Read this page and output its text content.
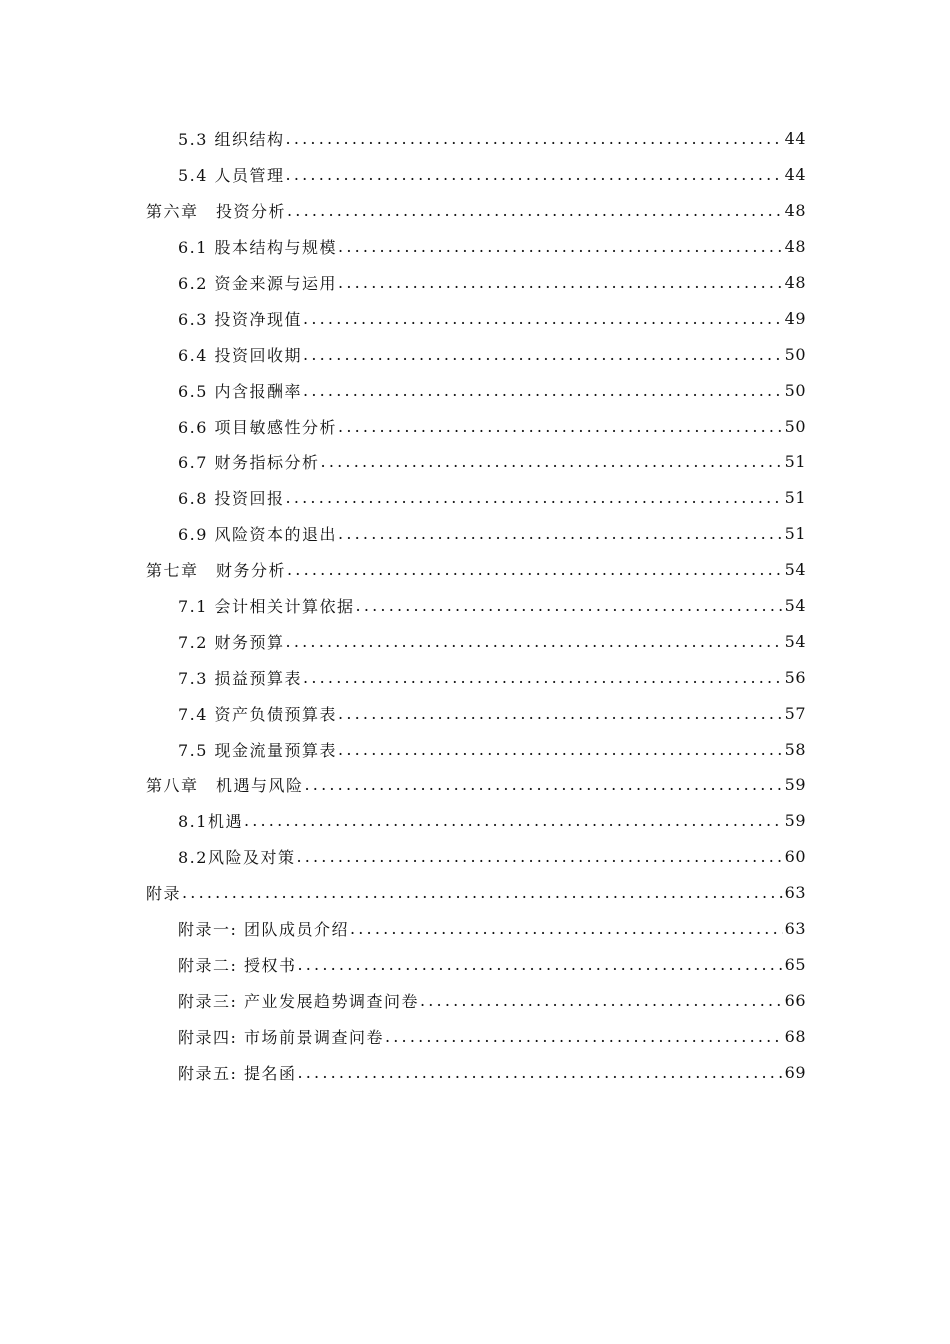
5.3 组织结构 .....	44
5.4 人员管理 .....	44
第六章　投资分析 .....	48
6.1 股本结构与规模 .....	48
6.2 资金来源与运用 .....	48
6.3 投资净现值 .....	49
6.4 投资回收期 .....	50
6.5 内含报酬率 .....	50
6.6 项目敏感性分析 .....	50
6.7 财务指标分析 .....	51
6.8 投资回报 .....	51
6.9 风险资本的退出 .....	51
第七章　财务分析 .....	54
7.1 会计相关计算依据 .....	54
7.2 财务预算 .....	54
7.3 损益预算表 .....	56
7.4 资产负债预算表 .....	57
7.5 现金流量预算表 .....	58
第八章　机遇与风险 .....	59
8.1机遇 .....	59
8.2风险及对策 .....	60
附录 .....	63
附录一: 团队成员介绍 .....	63
附录二: 授权书 .....	65
附录三: 产业发展趋势调查问卷 .....	66
附录四: 市场前景调查问卷 .....	68
附录五: 提名函 .....	69
